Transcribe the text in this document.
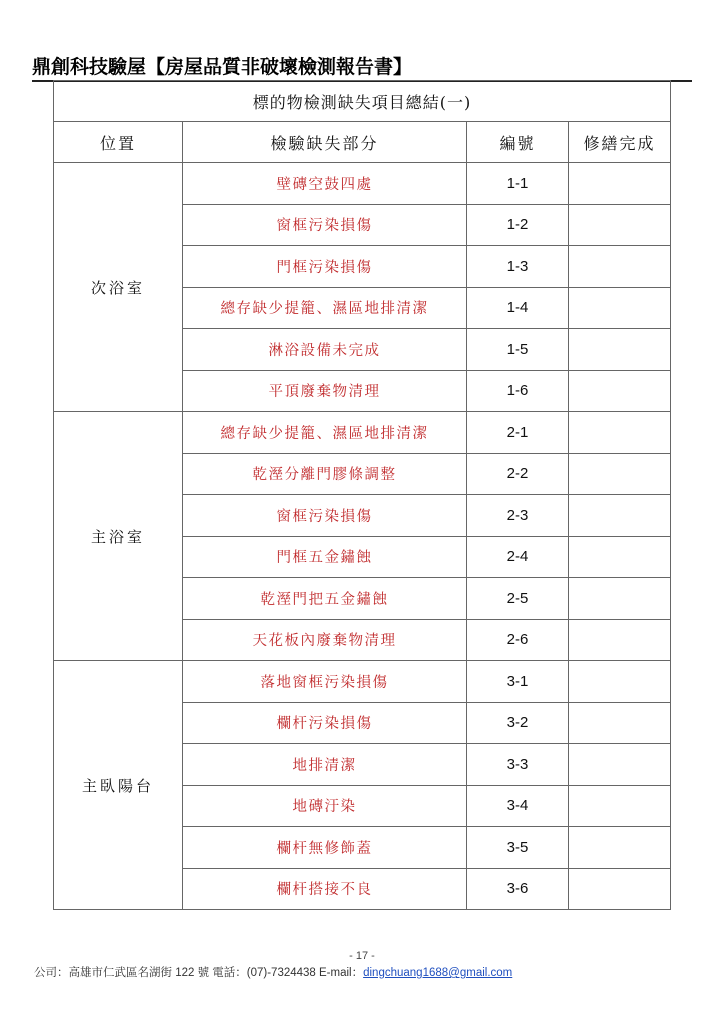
鼎創科技驗屋【房屋品質非破壞檢測報告書】
標的物檢測缺失項目總結(一)			
位置	檢驗缺失部分	編號	修繕完成
次浴室	壁磚空鼓四處	1-1	
	窗框污染損傷	1-2	
	門框污染損傷	1-3	
	總存缺少提籠、濕區地排清潔	1-4	
	淋浴設備未完成	1-5	
	平頂廢棄物清理	1-6	
主浴室	總存缺少提籠、濕區地排清潔	2-1	
	乾溼分離門膠條調整	2-2	
	窗框污染損傷	2-3	
	門框五金鏽蝕	2-4	
	乾溼門把五金鏽蝕	2-5	
	天花板內廢棄物清理	2-6	
主臥陽台	落地窗框污染損傷	3-1	
	欄杆污染損傷	3-2	
	地排清潔	3-3	
	地磚汙染	3-4	
	欄杆無修飾蓋	3-5	
	欄杆搭接不良	3-6	
- 17 -
公司：高雄市仁武區名湖街 122 號 電話：(07)-7324438 E-mail：dingchuang1688@gmail.com
